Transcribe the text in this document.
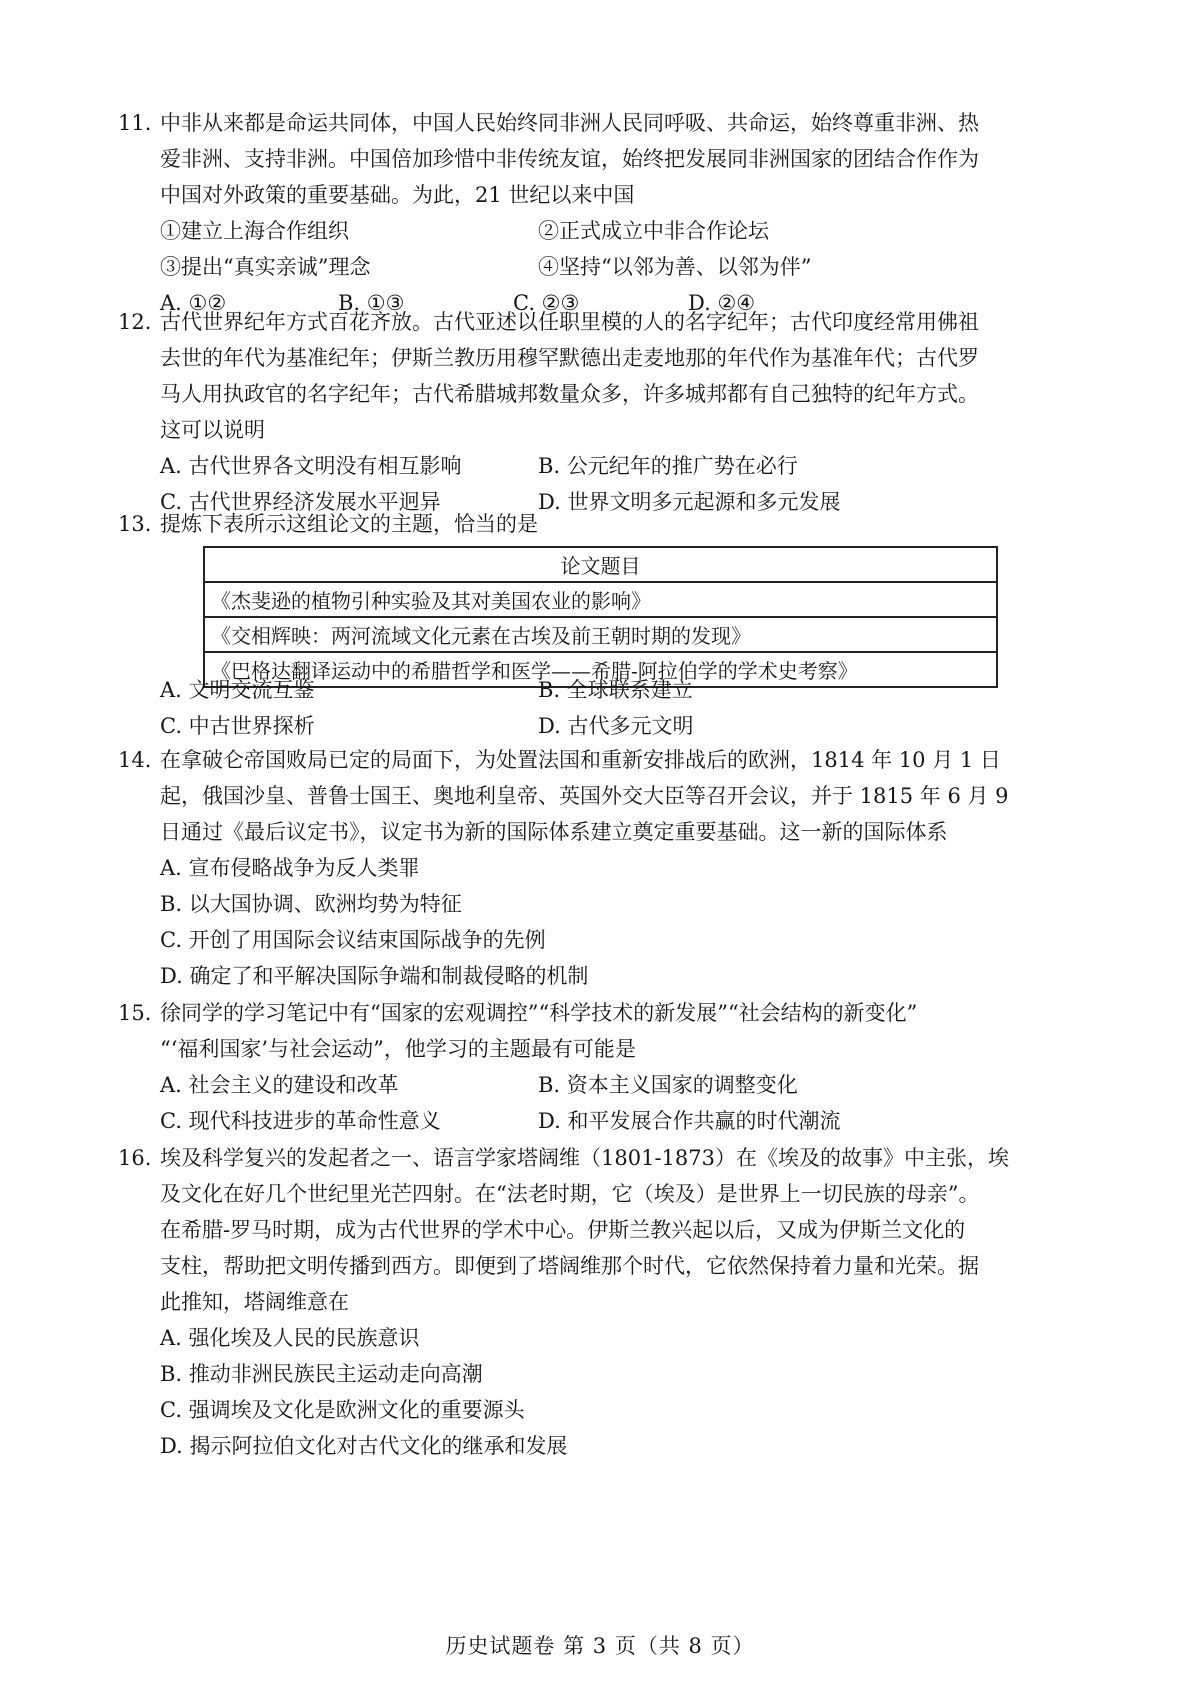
11. 中非从来都是命运共同体，中国人民始终同非洲人民同呼吸、共命运，始终尊重非洲、热
爱非洲、支持非洲。中国倍加珍惜中非传统友谊，始终把发展同非洲国家的团结合作作为
中国对外政策的重要基础。为此，21 世纪以来中国
①建立上海合作组织	②正式成立中非合作论坛
③提出“真实亲诚”理念	④坚持“以邻为善、以邻为伴”
A. ①②	B. ①③	C. ②③	D. ②④
12. 古代世界纪年方式百花齐放。古代亚述以任职里模的人的名字纪年；古代印度经常用佛祖
去世的年代为基准纪年；伊斯兰教历用穆罕默德出走麦地那的年代作为基准年代；古代罗
马人用执政官的名字纪年；古代希腊城邦数量众多，许多城邦都有自己独特的纪年方式。
这可以说明
A. 古代世界各文明没有相互影响	B. 公元纪年的推广势在必行
C. 古代世界经济发展水平迥异	D. 世界文明多元起源和多元发展
13. 提炼下表所示这组论文的主题，恰当的是
论文题目
《杰斐逊的植物引种实验及其对美国农业的影响》
《交相辉映：两河流域文化元素在古埃及前王朝时期的发现》
《巴格达翻译运动中的希腊哲学和医学——希腊-阿拉伯学的学术史考察》
A. 文明交流互鉴	B. 全球联系建立
C. 中古世界探析	D. 古代多元文明
14. 在拿破仑帝国败局已定的局面下，为处置法国和重新安排战后的欧洲，1814 年 10 月 1 日
起，俄国沙皇、普鲁士国王、奥地利皇帝、英国外交大臣等召开会议，并于 1815 年 6 月 9
日通过《最后议定书》，议定书为新的国际体系建立奠定重要基础。这一新的国际体系
A. 宣布侵略战争为反人类罪
B. 以大国协调、欧洲均势为特征
C. 开创了用国际会议结束国际战争的先例
D. 确定了和平解决国际争端和制裁侵略的机制
15. 徐同学的学习笔记中有“国家的宏观调控”“科学技术的新发展”“社会结构的新变化”
“‘福利国家’与社会运动”，他学习的主题最有可能是
A. 社会主义的建设和改革	B. 资本主义国家的调整变化
C. 现代科技进步的革命性意义	D. 和平发展合作共赢的时代潮流
16. 埃及科学复兴的发起者之一、语言学家塔阔维（1801-1873）在《埃及的故事》中主张，埃
及文化在好几个世纪里光芒四射。在“法老时期，它（埃及）是世界上一切民族的母亲”。
在希腊-罗马时期，成为古代世界的学术中心。伊斯兰教兴起以后，又成为伊斯兰文化的
支柱，帮助把文明传播到西方。即便到了塔阔维那个时代，它依然保持着力量和光荣。据
此推知，塔阔维意在
A. 强化埃及人民的民族意识
B. 推动非洲民族民主运动走向高潮
C. 强调埃及文化是欧洲文化的重要源头
D. 揭示阿拉伯文化对古代文化的继承和发展
历史试题卷 第 3 页（共 8 页）
